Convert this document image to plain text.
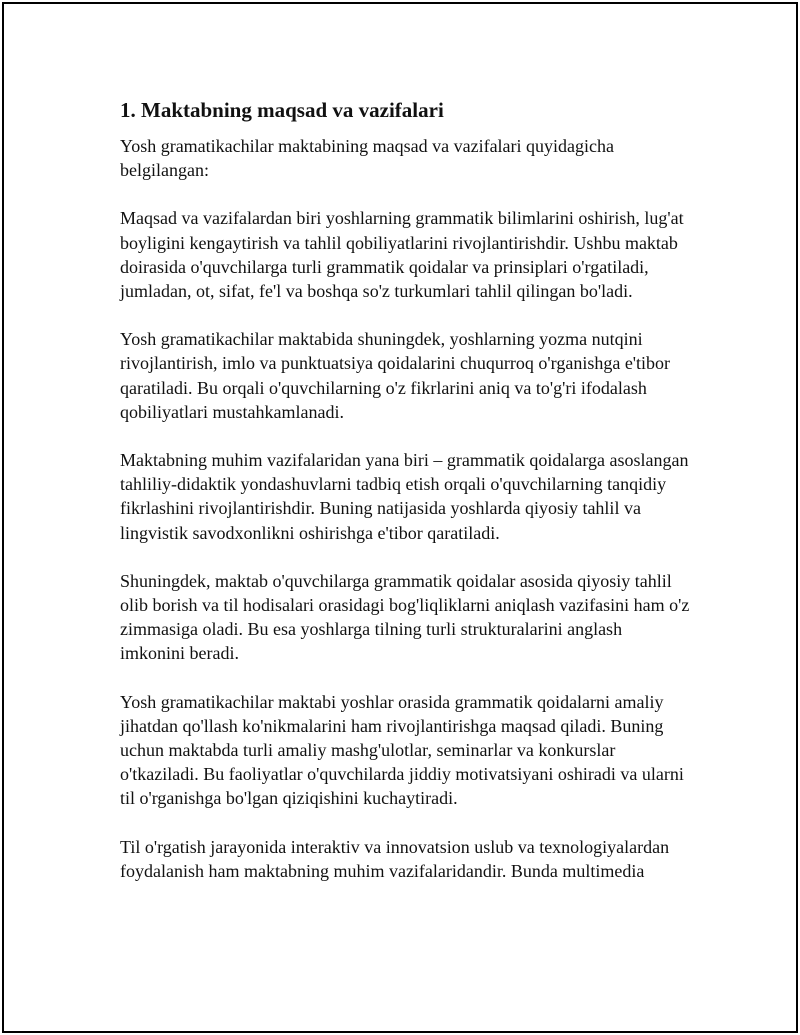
1. Maktabning maqsad va vazifalari

Yosh gramatikachilar maktabining maqsad va vazifalari quyidagicha belgilangan:

Maqsad va vazifalardan biri yoshlarning grammatik bilimlarini oshirish, lug'at boyligini kengaytirish va tahlil qobiliyatlarini rivojlantirishdir. Ushbu maktab doirasida o'quvchilarga turli grammatik qoidalar va prinsiplari o'rgatiladi, jumladan, ot, sifat, fe'l va boshqa so'z turkumlari tahlil qilingan bo'ladi.

Yosh gramatikachilar maktabida shuningdek, yoshlarning yozma nutqini rivojlantirish, imlo va punktuatsiya qoidalarini chuqurroq o'rganishga e'tibor qaratiladi. Bu orqali o'quvchilarning o'z fikrlarini aniq va to'g'ri ifodalash qobiliyatlari mustahkamlanadi.

Maktabning muhim vazifalaridan yana biri – grammatik qoidalarga asoslangan tahliliy-didaktik yondashuvlarni tadbiq etish orqali o'quvchilarning tanqidiy fikrlashini rivojlantirishdir. Buning natijasida yoshlarda qiyosiy tahlil va lingvistik savodxonlikni oshirishga e'tibor qaratiladi.

Shuningdek, maktab o'quvchilarga grammatik qoidalar asosida qiyosiy tahlil olib borish va til hodisalari orasidagi bog'liqliklarni aniqlash vazifasini ham o'z zimmasiga oladi. Bu esa yoshlarga tilning turli strukturalarini anglash imkonini beradi.

Yosh gramatikachilar maktabi yoshlar orasida grammatik qoidalarni amaliy jihatdan qo'llash ko'nikmalarini ham rivojlantirishga maqsad qiladi. Buning uchun maktabda turli amaliy mashg'ulotlar, seminarlar va konkurslar o'tkaziladi. Bu faoliyatlar o'quvchilarda jiddiy motivatsiyani oshiradi va ularni til o'rganishga bo'lgan qiziqishini kuchaytiradi.

Til o'rgatish jarayonida interaktiv va innovatsion uslub va texnologiyalardan foydalanish ham maktabning muhim vazifalaridandir. Bunda multimedia
